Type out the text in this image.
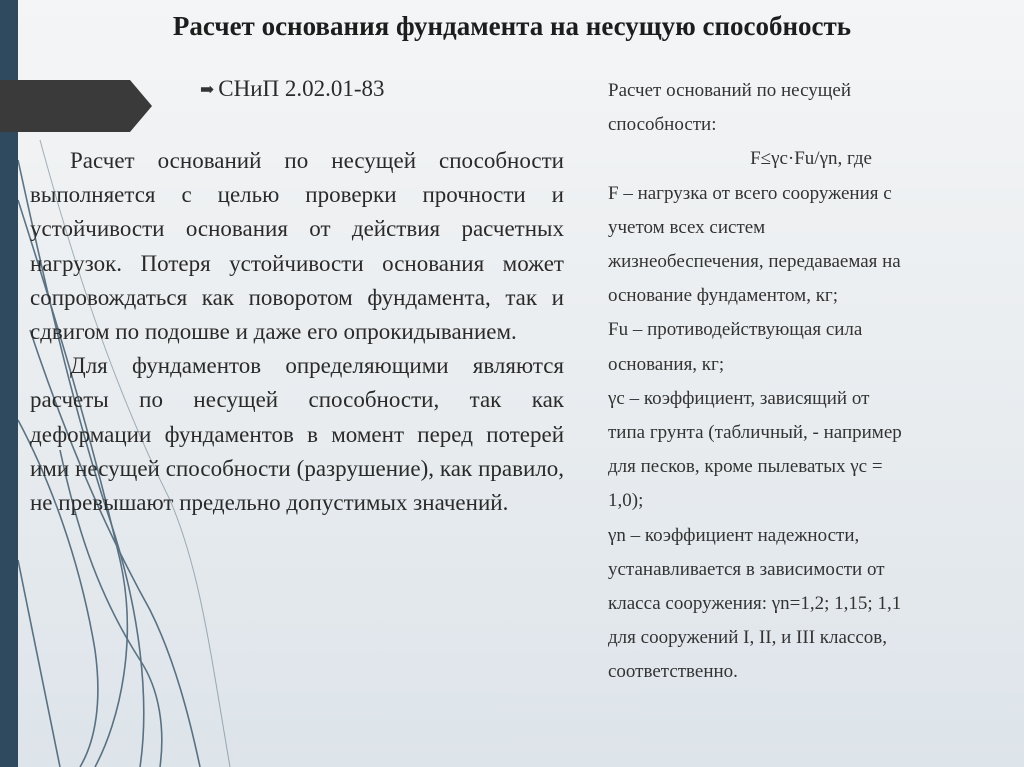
Расчет основания фундамента на несущую способность
➡ СНиП 2.02.01-83

Расчет оснований по несущей способности выполняется с целью проверки прочности и устойчивости основания от действия расчетных нагрузок. Потеря устойчивости основания может сопровождаться как поворотом фундамента, так и сдвигом по подошве и даже его опрокидыванием.

Для фундаментов определяющими являются расчеты по несущей способности, так как деформации фундаментов в момент перед потерей ими несущей способности (разрушение), как правило, не превышают предельно допустимых значений.

Расчет оснований по несущей
способности:
F≤γс·Fu/γn, где
F – нагрузка от всего сооружения с
учетом всех систем
жизнеобеспечения, передаваемая на
основание фундаментом, кг;
Fu – противодействующая сила
основания, кг;
γс – коэффициент, зависящий от
типа грунта (табличный, - например
для песков, кроме пылеватых γс =
1,0);
γn – коэффициент надежности,
устанавливается в зависимости от
класса сооружения: γn=1,2; 1,15; 1,1
для сооружений I, II, и III классов,
соответственно.
